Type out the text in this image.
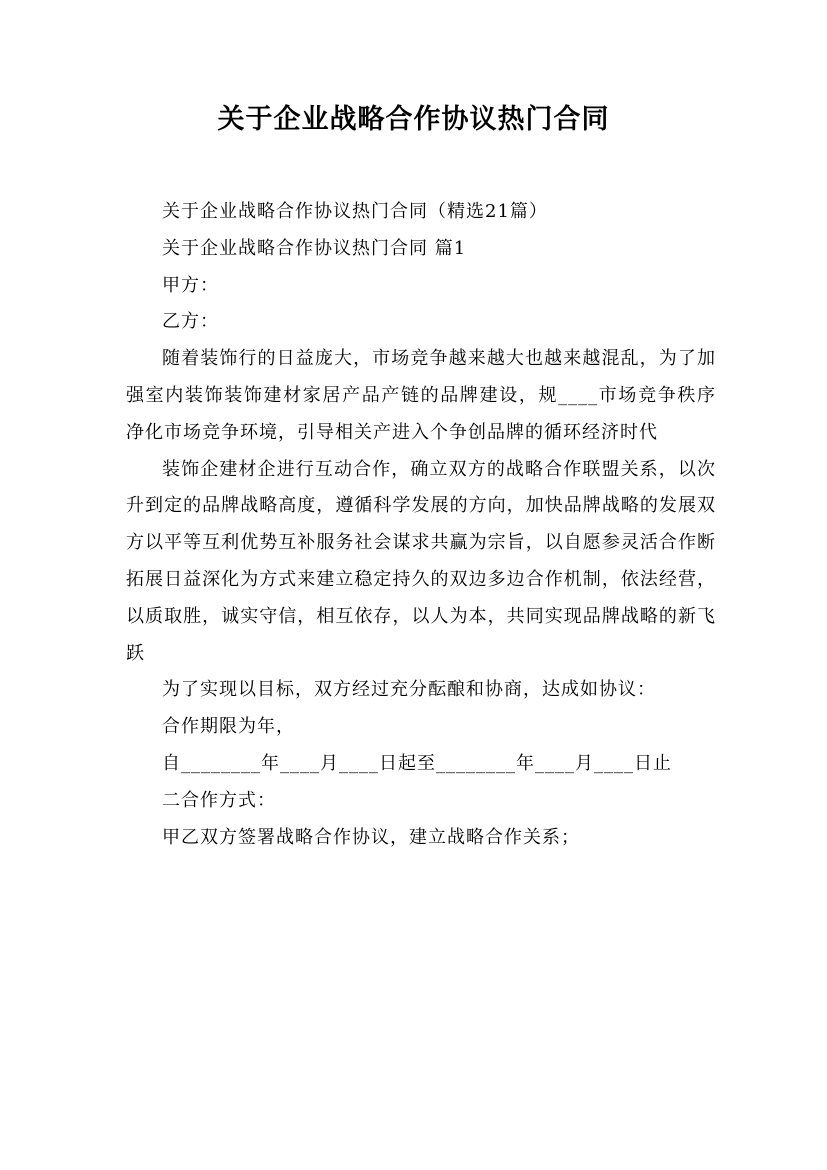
关于企业战略合作协议热门合同

关于企业战略合作协议热门合同（精选21篇）

关于企业战略合作协议热门合同 篇1

甲方：

乙方：

随着装饰行的日益庞大，市场竞争越来越大也越来越混乱，为了加强室内装饰装饰建材家居产品产链的品牌建设，规____市场竞争秩序净化市场竞争环境，引导相关产进入个争创品牌的循环经济时代

装饰企建材企进行互动合作，确立双方的战略合作联盟关系，以次升到定的品牌战略高度，遵循科学发展的方向，加快品牌战略的发展双方以平等互利优势互补服务社会谋求共赢为宗旨，以自愿参灵活合作断拓展日益深化为方式来建立稳定持久的双边多边合作机制，依法经营，以质取胜，诚实守信，相互依存，以人为本，共同实现品牌战略的新飞跃

为了实现以目标，双方经过充分酝酿和协商，达成如协议：

合作期限为年，

自________年____月____日起至________年____月____日止

二合作方式：

甲乙双方签署战略合作协议，建立战略合作关系；
